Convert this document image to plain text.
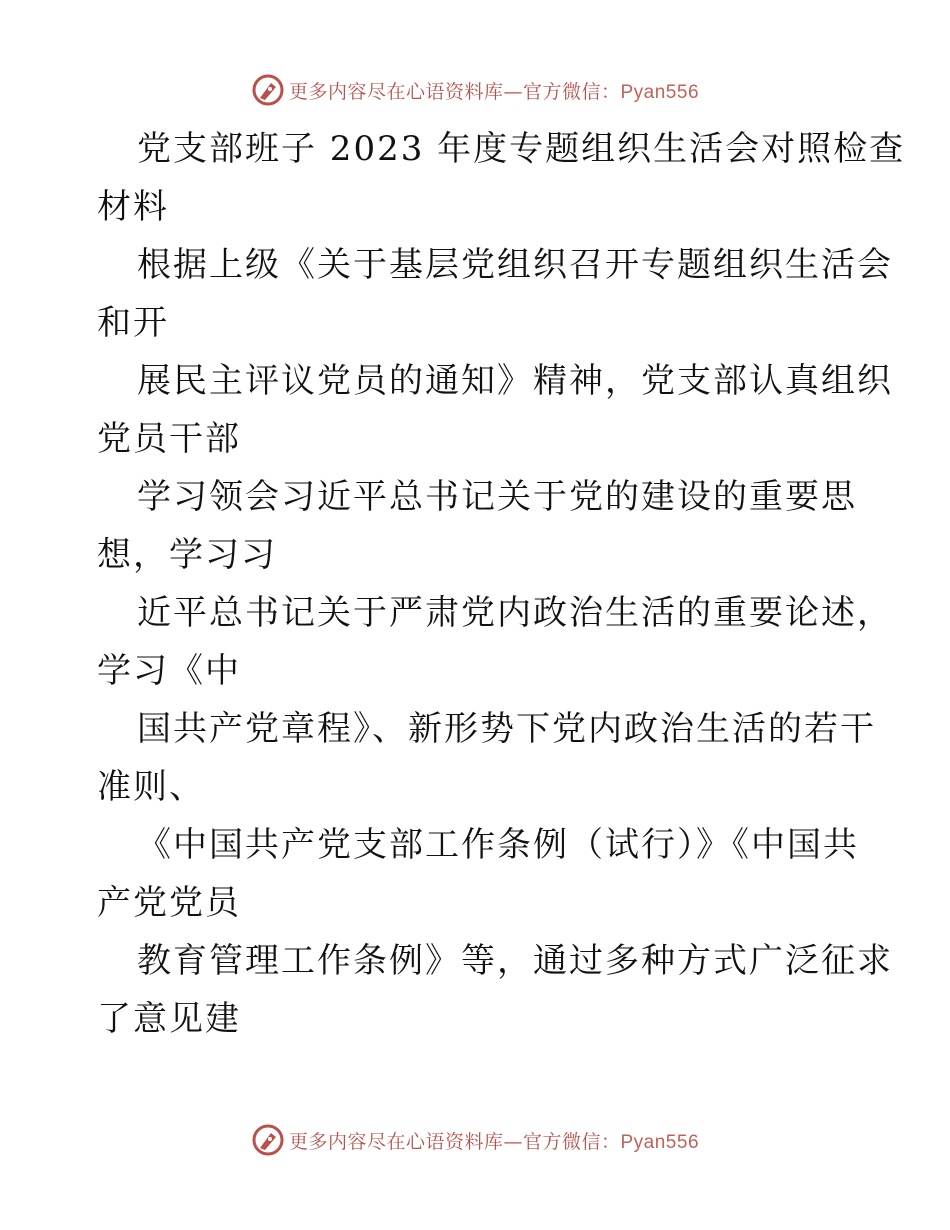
更多内容尽在心语资料库—官方微信：Pyan556
党支部班子 2023 年度专题组织生活会对照检查
材料
根据上级《关于基层党组织召开专题组织生活会
和开
展民主评议党员的通知》精神，党支部认真组织
党员干部
学习领会习近平总书记关于党的建设的重要思
想，学习习
近平总书记关于严肃党内政治生活的重要论述，
学习《中
国共产党章程》、新形势下党内政治生活的若干
准则、
《中国共产党支部工作条例（试行）》《中国共
产党党员
教育管理工作条例》等，通过多种方式广泛征求
了意见建
更多内容尽在心语资料库—官方微信：Pyan556
